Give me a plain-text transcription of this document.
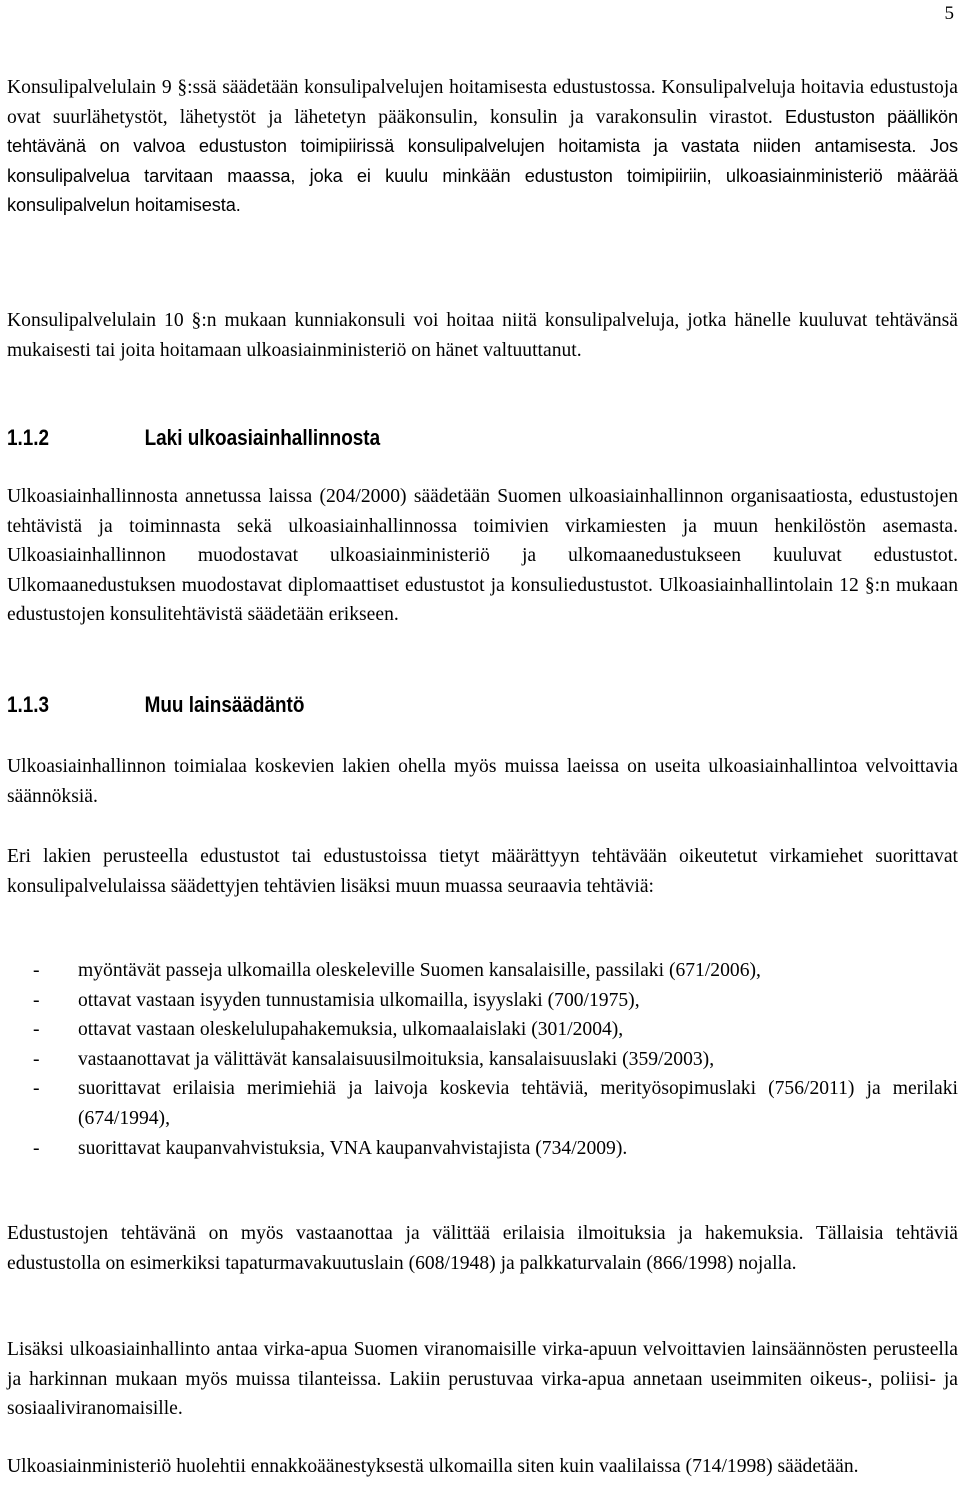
5

Konsulipalvelulain 9 §:ssä säädetään konsulipalvelujen hoitamisesta edustustossa. Konsulipalveluja hoitavia edustustoja ovat suurlähetystöt, lähetystöt ja lähetetyn pääkonsulin, konsulin ja varakonsulin virastot. Edustuston päällikön tehtävänä on valvoa edustuston toimipiirissä konsulipalvelujen hoitamista ja vastata niiden antamisesta. Jos konsulipalvelua tarvitaan maassa, joka ei kuulu minkään edustuston toimipiiriin, ulkoasiainministeriö määrää konsulipalvelun hoitamisesta.

Konsulipalvelulain 10 §:n mukaan kunniakonsuli voi hoitaa niitä konsulipalveluja, jotka hänelle kuuluvat tehtävänsä mukaisesti tai joita hoitamaan ulkoasiainministeriö on hänet valtuuttanut.

1.1.2	Laki ulkoasiainhallinnosta

Ulkoasiainhallinnosta annetussa laissa (204/2000) säädetään Suomen ulkoasiainhallinnon organisaatiosta, edustustojen tehtävistä ja toiminnasta sekä ulkoasiainhallinnossa toimivien virkamiesten ja muun henkilöstön asemasta. Ulkoasiainhallinnon muodostavat ulkoasiainministeriö ja ulkomaanedustukseen kuuluvat edustustot. Ulkomaanedustuksen muodostavat diplomaattiset edustustot ja konsuliedustustot. Ulkoasiainhallintolain 12 §:n mukaan edustustojen konsulitehtävistä säädetään erikseen.

1.1.3	Muu lainsäädäntö

Ulkoasiainhallinnon toimialaa koskevien lakien ohella myös muissa laeissa on useita ulkoasiainhallintoa velvoittavia säännöksiä.

Eri lakien perusteella edustustot tai edustustoissa tietyt määrättyyn tehtävään oikeutetut virkamiehet suorittavat konsulipalvelulaissa säädettyjen tehtävien lisäksi muun muassa seuraavia tehtäviä:

- myöntävät passeja ulkomailla oleskeleville Suomen kansalaisille, passilaki (671/2006),
- ottavat vastaan isyyden tunnustamisia ulkomailla, isyyslaki (700/1975),
- ottavat vastaan oleskelulupahakemuksia, ulkomaalaislaki (301/2004),
- vastaanottavat ja välittävät kansalaisuusilmoituksia, kansalaisuuslaki (359/2003),
- suorittavat erilaisia merimiehiä ja laivoja koskevia tehtäviä, merityösopimuslaki (756/2011) ja merilaki (674/1994),
- suorittavat kaupanvahvistuksia, VNA kaupanvahvistajista (734/2009).

Edustustojen tehtävänä on myös vastaanottaa ja välittää erilaisia ilmoituksia ja hakemuksia. Tällaisia tehtäviä edustustolla on esimerkiksi tapaturmavakuutuslain (608/1948) ja palkkaturvalain (866/1998) nojalla.

Lisäksi ulkoasiainhallinto antaa virka-apua Suomen viranomaisille virka-apuun velvoittavien lainsäännösten perusteella ja harkinnan mukaan myös muissa tilanteissa. Lakiin perustuvaa virka-apua annetaan useimmiten oikeus-, poliisi- ja sosiaaliviranomaisille.

Ulkoasiainministeriö huolehtii ennakkoäänestyksestä ulkomailla siten kuin vaalilaissa (714/1998) säädetään.
